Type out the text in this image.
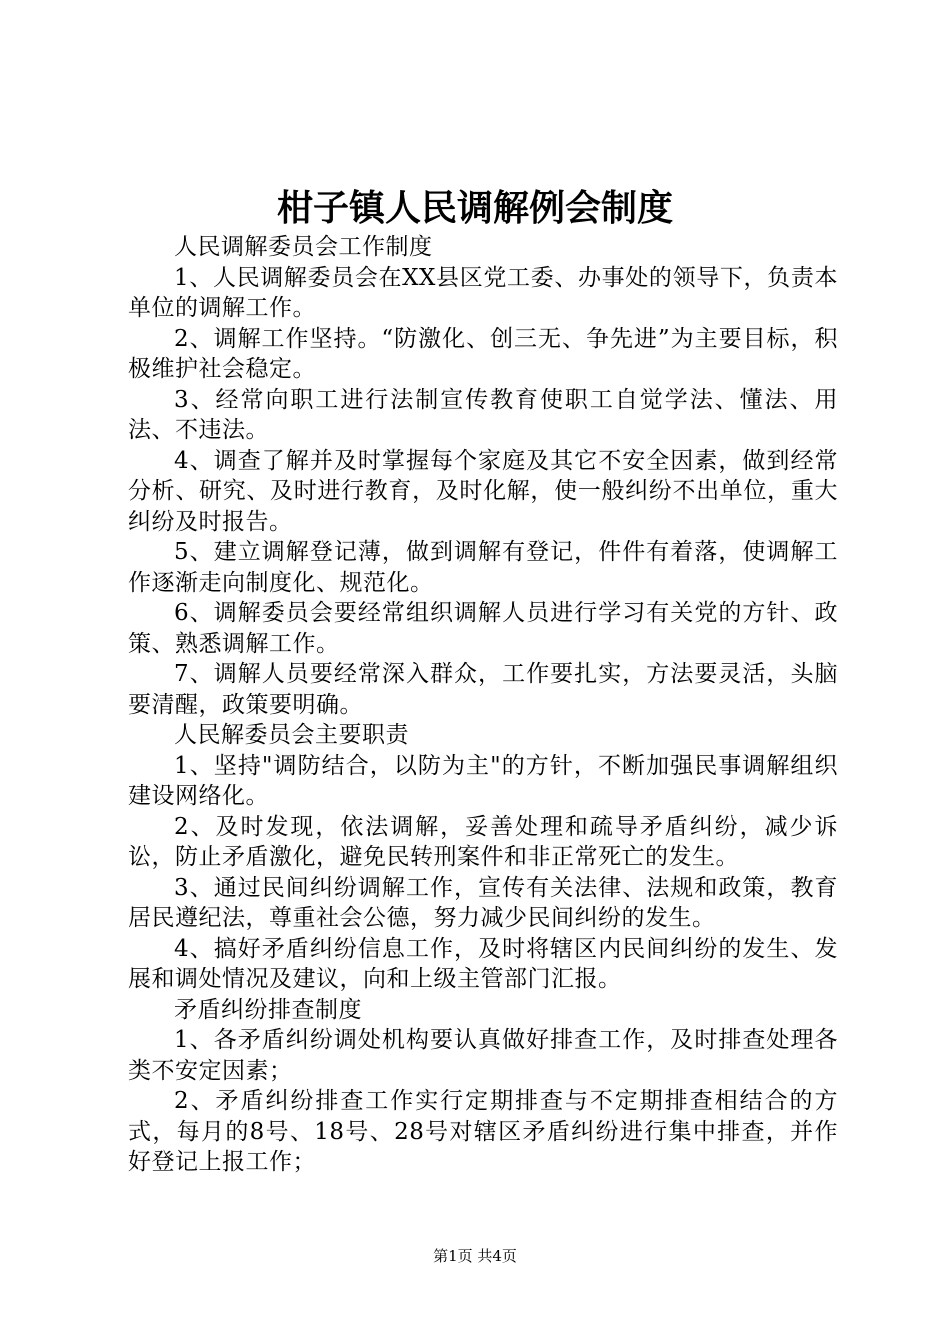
柑子镇人民调解例会制度

人民调解委员会工作制度

1、人民调解委员会在XX县区党工委、办事处的领导下，负责本单位的调解工作。

2、调解工作坚持。“防激化、创三无、争先进”为主要目标，积极维护社会稳定。

3、经常向职工进行法制宣传教育使职工自觉学法、懂法、用法、不违法。

4、调查了解并及时掌握每个家庭及其它不安全因素，做到经常分析、研究、及时进行教育，及时化解，使一般纠纷不出单位，重大纠纷及时报告。

5、建立调解登记薄，做到调解有登记，件件有着落，使调解工作逐渐走向制度化、规范化。

6、调解委员会要经常组织调解人员进行学习有关党的方针、政策、熟悉调解工作。

7、调解人员要经常深入群众，工作要扎实，方法要灵活，头脑要清醒，政策要明确。

人民解委员会主要职责

1、坚持"调防结合，以防为主"的方针，不断加强民事调解组织建设网络化。

2、及时发现，依法调解，妥善处理和疏导矛盾纠纷，减少诉讼，防止矛盾激化，避免民转刑案件和非正常死亡的发生。

3、通过民间纠纷调解工作，宣传有关法律、法规和政策，教育居民遵纪法，尊重社会公德，努力减少民间纠纷的发生。

4、搞好矛盾纠纷信息工作，及时将辖区内民间纠纷的发生、发展和调处情况及建议，向和上级主管部门汇报。

矛盾纠纷排查制度

1、各矛盾纠纷调处机构要认真做好排查工作，及时排查处理各类不安定因素；

2、矛盾纠纷排查工作实行定期排查与不定期排查相结合的方式，每月的8号、18号、28号对辖区矛盾纠纷进行集中排查，并作好登记上报工作；

第1页 共4页
